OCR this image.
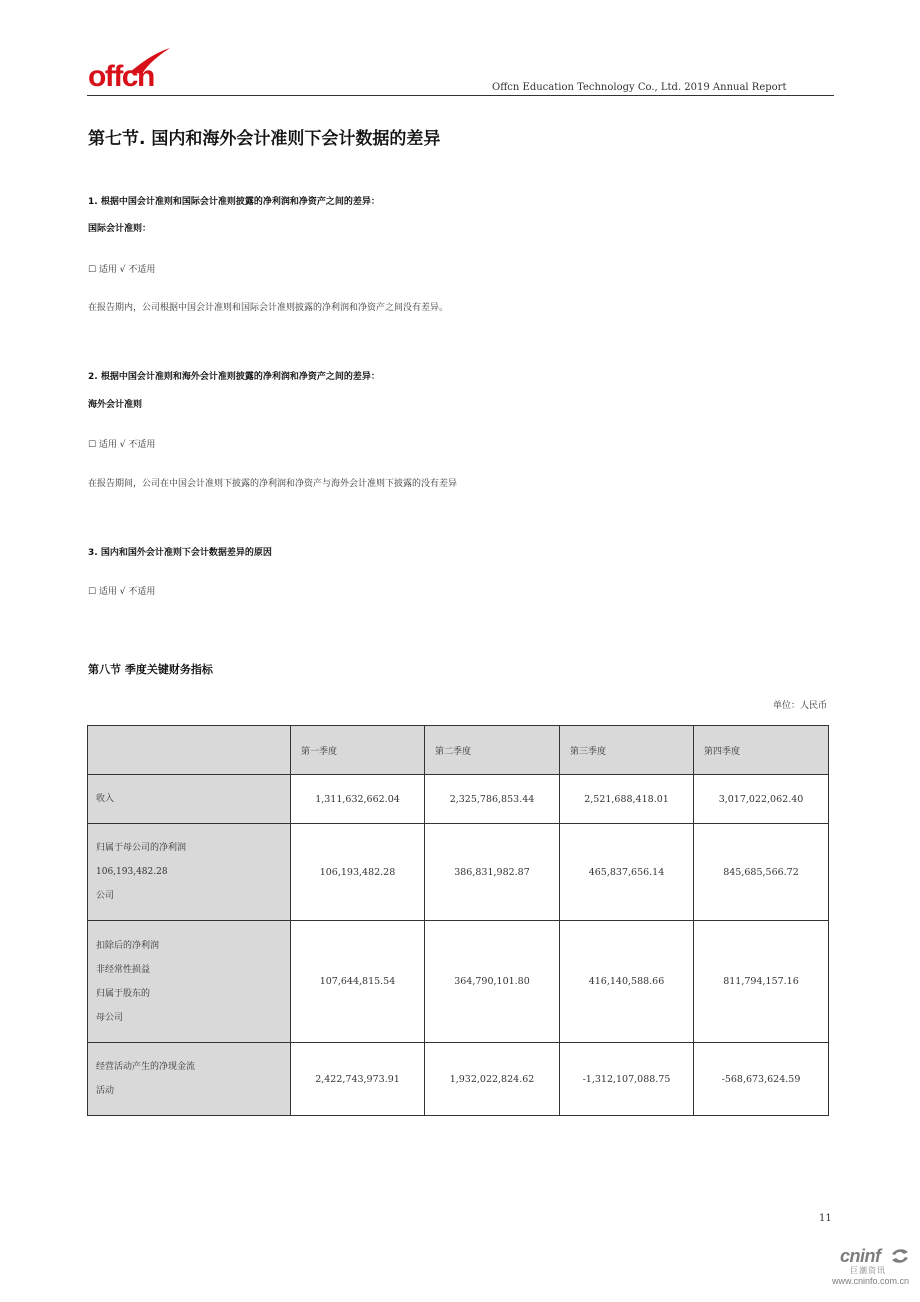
offcn	Offcn Education Technology Co., Ltd. 2019 Annual Report
第七节. 国内和海外会计准则下会计数据的差异
1. 根据中国会计准则和国际会计准则披露的净利润和净资产之间的差异：
国际会计准则：
☐ 适用 √ 不适用
在报告期内，公司根据中国会计准则和国际会计准则披露的净利润和净资产之间没有差异。
2. 根据中国会计准则和海外会计准则披露的净利润和净资产之间的差异：
海外会计准则
☐ 适用 √ 不适用
在报告期间，公司在中国会计准则下披露的净利润和净资产与海外会计准则下披露的没有差异
3. 国内和国外会计准则下会计数据差异的原因
☐ 适用 √ 不适用
第八节 季度关键财务指标
单位：人民币
	第一季度	第二季度	第三季度	第四季度

收入	1,311,632,662.04	2,325,786,853.44	2,521,688,418.01	3,017,022,062.40

归属于母公司的净利润
106,193,482.28
公司	106,193,482.28	386,831,982.87	465,837,656.14	845,685,566.72

扣除后的净利润
非经常性损益
归属于股东的
母公司	107,644,815.54	364,790,101.80	416,140,588.66	811,794,157.16

经营活动产生的净现金流
活动	2,422,743,973.91	1,932,022,824.62	-1,312,107,088.75	-568,673,624.59
11
cninf
巨潮资讯
www.cninfo.com.cn
